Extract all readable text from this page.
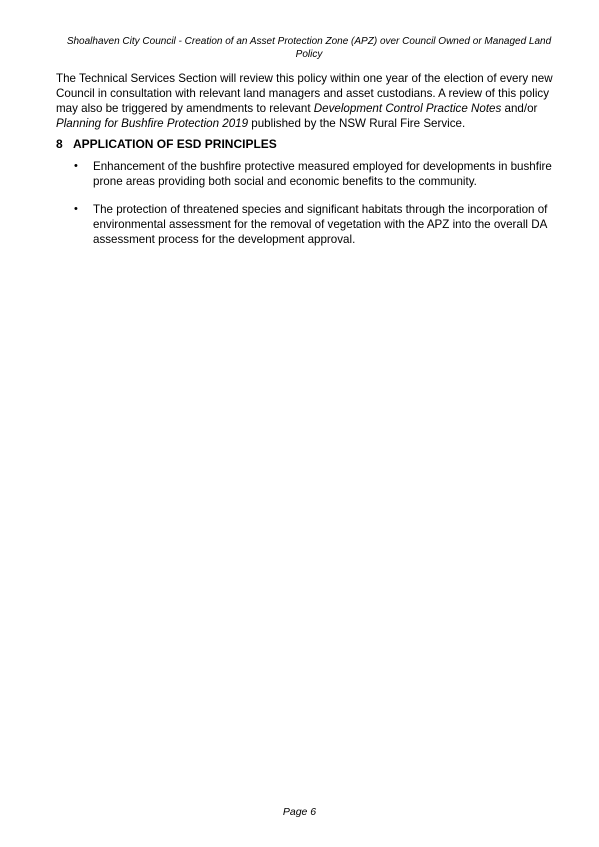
Shoalhaven City Council - Creation of an Asset Protection Zone (APZ) over Council Owned or Managed Land
Policy

The Technical Services Section will review this policy within one year of the election of every new Council in consultation with relevant land managers and asset custodians. A review of this policy may also be triggered by amendments to relevant Development Control Practice Notes and/or Planning for Bushfire Protection 2019 published by the NSW Rural Fire Service.

8 APPLICATION OF ESD PRINCIPLES
•	Enhancement of the bushfire protective measured employed for developments in bushfire prone areas providing both social and economic benefits to the community.
•	The protection of threatened species and significant habitats through the incorporation of environmental assessment for the removal of vegetation with the APZ into the overall DA assessment process for the development approval.
Page 6
